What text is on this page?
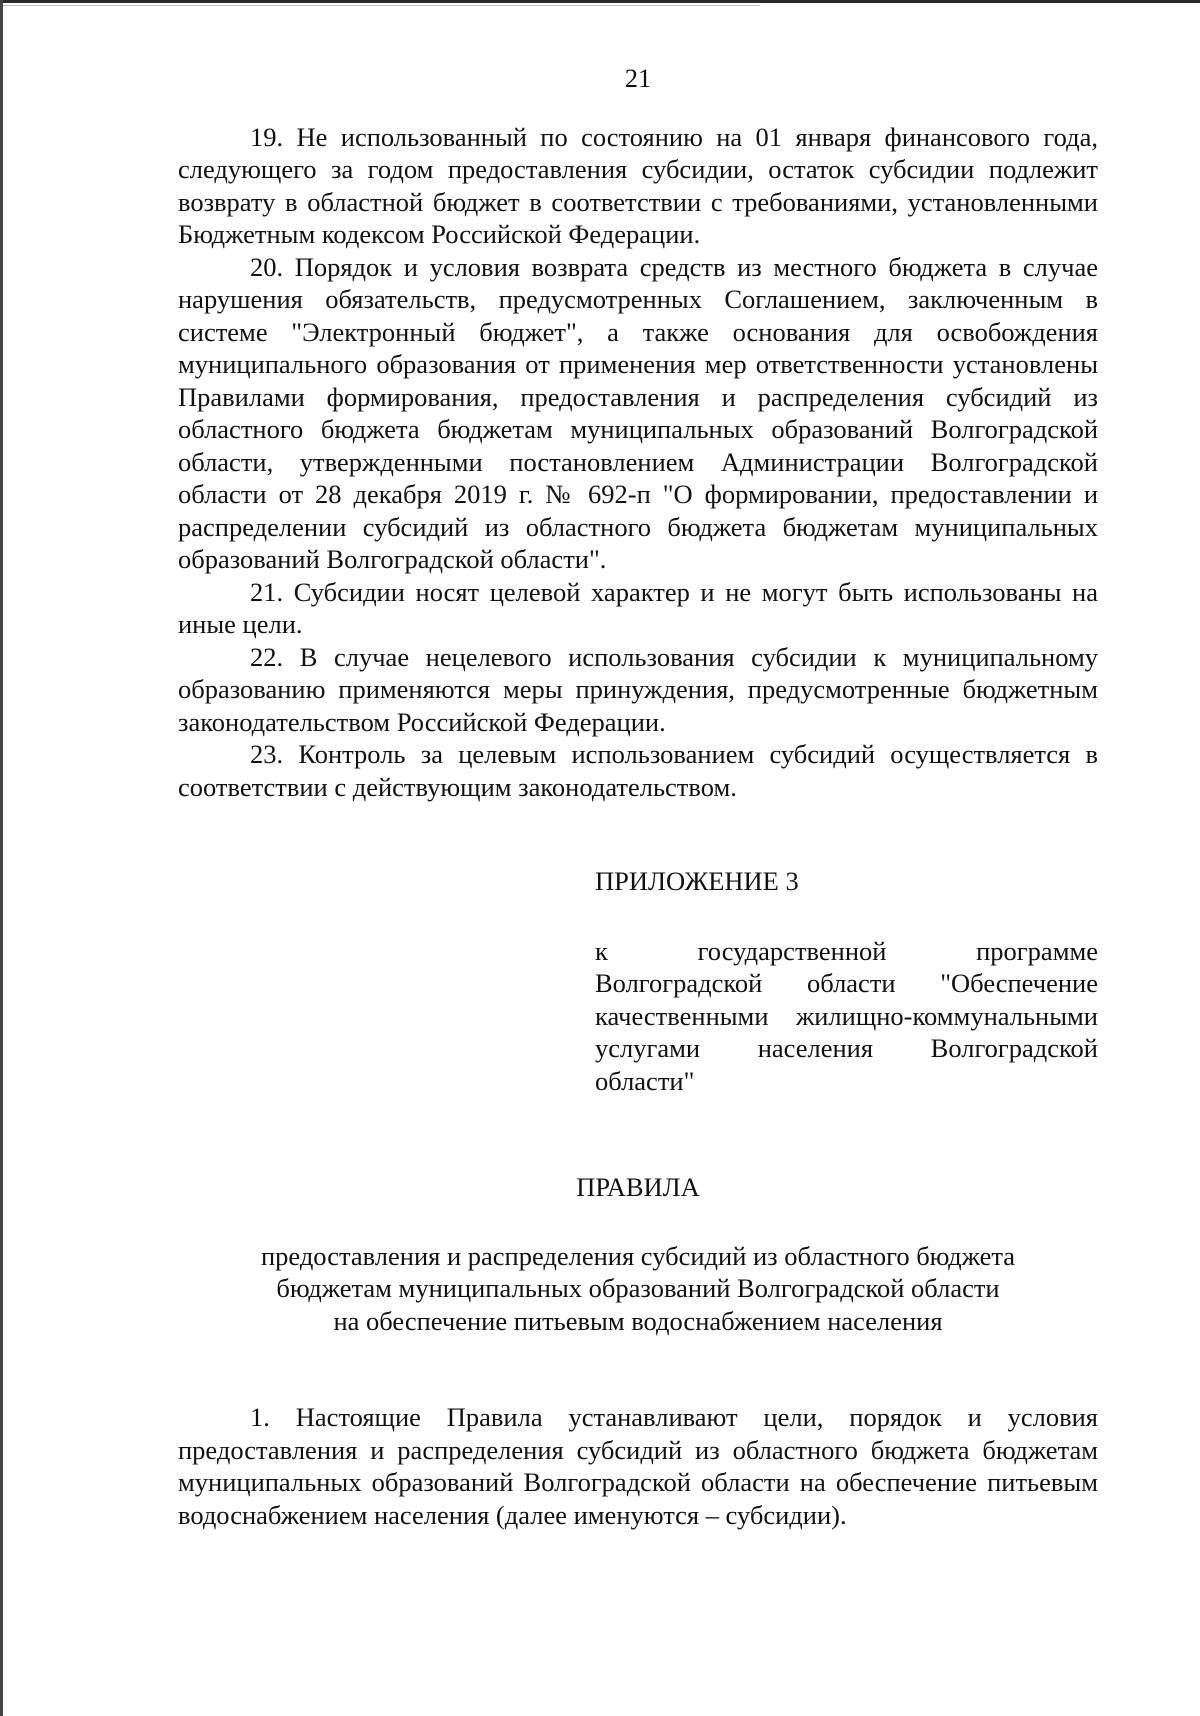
21

19. Не использованный по состоянию на 01 января финансового года, следующего за годом предоставления субсидии, остаток субсидии подлежит возврату в областной бюджет в соответствии с требованиями, установленными Бюджетным кодексом Российской Федерации.

20. Порядок и условия возврата средств из местного бюджета в случае нарушения обязательств, предусмотренных Соглашением, заключенным в системе "Электронный бюджет", а также основания для освобождения муниципального образования от применения мер ответственности установлены Правилами формирования, предоставления и распределения субсидий из областного бюджета бюджетам муниципальных образований Волгоградской области, утвержденными постановлением Администрации Волгоградской области от 28 декабря 2019 г. № 692-п "О формировании, предоставлении и распределении субсидий из областного бюджета бюджетам муниципальных образований Волгоградской области".

21. Субсидии носят целевой характер и не могут быть использованы на иные цели.

22. В случае нецелевого использования субсидии к муниципальному образованию применяются меры принуждения, предусмотренные бюджетным законодательством Российской Федерации.

23. Контроль за целевым использованием субсидий осуществляется в соответствии с действующим законодательством.

ПРИЛОЖЕНИЕ 3

к государственной программе Волгоградской области "Обеспечение качественными жилищно-коммунальными услугами населения Волгоградской области"

ПРАВИЛА
предоставления и распределения субсидий из областного бюджета
бюджетам муниципальных образований Волгоградской области
на обеспечение питьевым водоснабжением населения

1. Настоящие Правила устанавливают цели, порядок и условия предоставления и распределения субсидий из областного бюджета бюджетам муниципальных образований Волгоградской области на обеспечение питьевым водоснабжением населения (далее именуются – субсидии).
